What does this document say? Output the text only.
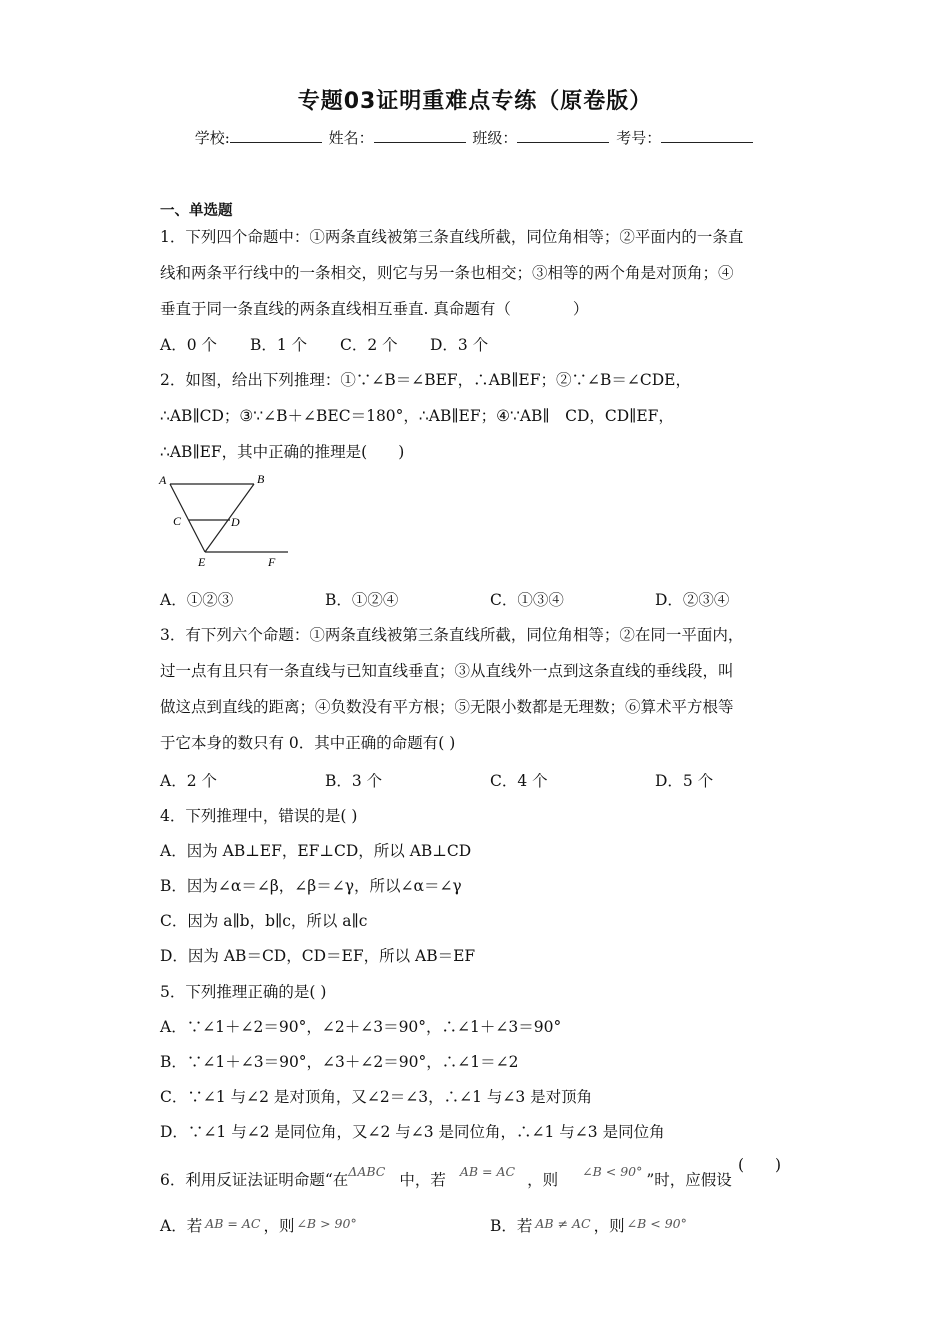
专题03证明重难点专练（原卷版）
学校:	姓名：	班级：	考号：
一、单选题
1．下列四个命题中：①两条直线被第三条直线所截，同位角相等；②平面内的一条直
线和两条平行线中的一条相交，则它与另一条也相交；③相等的两个角是对顶角；④
垂直于同一条直线的两条直线相互垂直. 真命题有（　　　　）
A．0 个 B．1 个 C．2 个 D．3 个
2．如图，给出下列推理：①∵∠B＝∠BEF，∴AB∥EF；②∵∠B＝∠CDE，
∴AB∥CD；③∵∠B＋∠BEC＝180°，∴AB∥EF；④∵AB∥　CD，CD∥EF，
∴AB∥EF，其中正确的推理是(　　)
A	B
C	D
E	F
A．①②③	B．①②④	C．①③④	D．②③④
3．有下列六个命题：①两条直线被第三条直线所截，同位角相等；②在同一平面内，
过一点有且只有一条直线与已知直线垂直；③从直线外一点到这条直线的垂线段，叫
做这点到直线的距离；④负数没有平方根；⑤无限小数都是无理数；⑥算术平方根等
于它本身的数只有 0．其中正确的命题有( )
A．2 个	B．3 个	C．4 个	D．5 个
4．下列推理中，错误的是( )
A．因为 AB⊥EF，EF⊥CD，所以 AB⊥CD
B．因为∠α＝∠β，∠β＝∠γ，所以∠α＝∠γ
C．因为 a∥b，b∥c，所以 a∥c
D．因为 AB＝CD，CD＝EF，所以 AB＝EF
5．下列推理正确的是( )
A．∵∠1＋∠2＝90°，∠2＋∠3＝90°，∴∠1＋∠3＝90°
B．∵∠1＋∠3＝90°，∠3＋∠2＝90°，∴∠1＝∠2
C．∵∠1 与∠2 是对顶角，又∠2＝∠3，∴∠1 与∠3 是对顶角
D．∵∠1 与∠2 是同位角，又∠2 与∠3 是同位角，∴∠1 与∠3 是同位角
6．利用反证法证明命题“在$^{\Delta ABC}$ 中，若 $^{AB = AC}$ ，则 $^{\angle B < 90^\circ}$ ”时，应假设
(　　)
A．若 AB = AC ，则 ∠B > 90°	B．若 AB ≠ AC ，则 ∠B < 90°
